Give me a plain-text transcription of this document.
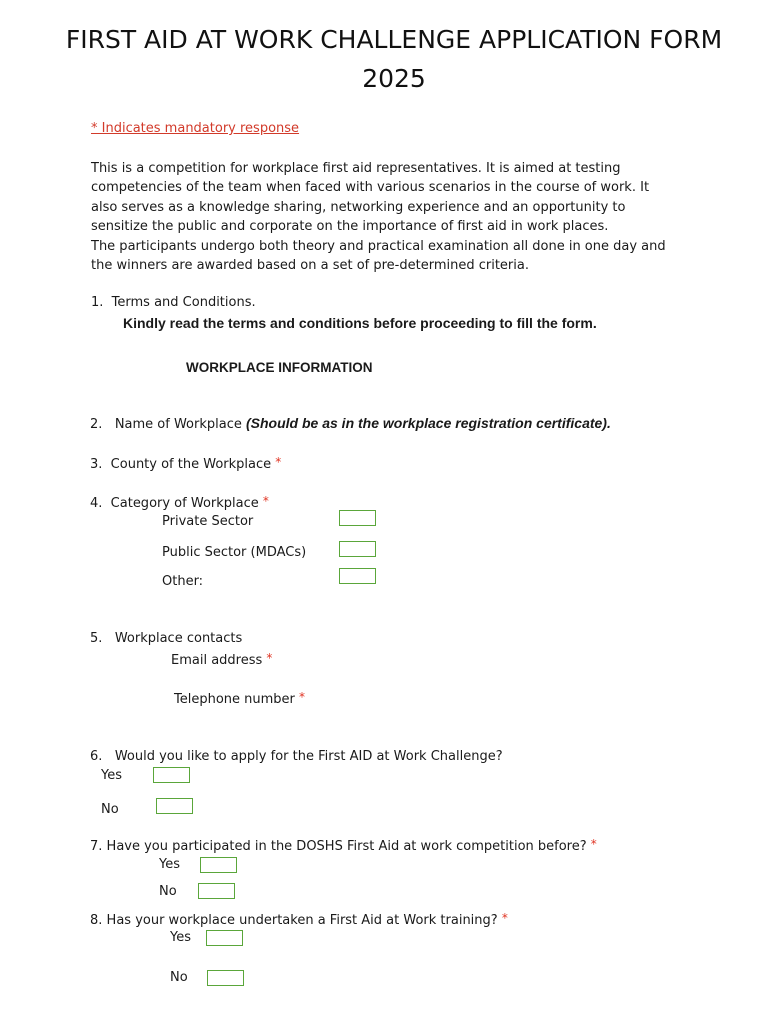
FIRST AID AT WORK CHALLENGE APPLICATION FORM 2025
* Indicates mandatory response

This is a competition for workplace first aid representatives. It is aimed at testing competencies of the team when faced with various scenarios in the course of work. It also serves as a knowledge sharing, networking experience and an opportunity to sensitize the public and corporate on the importance of first aid in work places.

The participants undergo both theory and practical examination all done in one day and the winners are awarded based on a set of pre-determined criteria.

1. Terms and Conditions.
Kindly read the terms and conditions before proceeding to fill the form.
WORKPLACE INFORMATION
2. Name of Workplace (Should be as in the workplace registration certificate).
3. County of the Workplace *
4. Category of Workplace *
Private Sector
Public Sector (MDACs)
Other:
5. Workplace contacts
Email address *
Telephone number *
6. Would you like to apply for the First AID at Work Challenge?
Yes
No
7. Have you participated in the DOSHS First Aid at work competition before? *
Yes
No
8. Has your workplace undertaken a First Aid at Work training? *
Yes
No
